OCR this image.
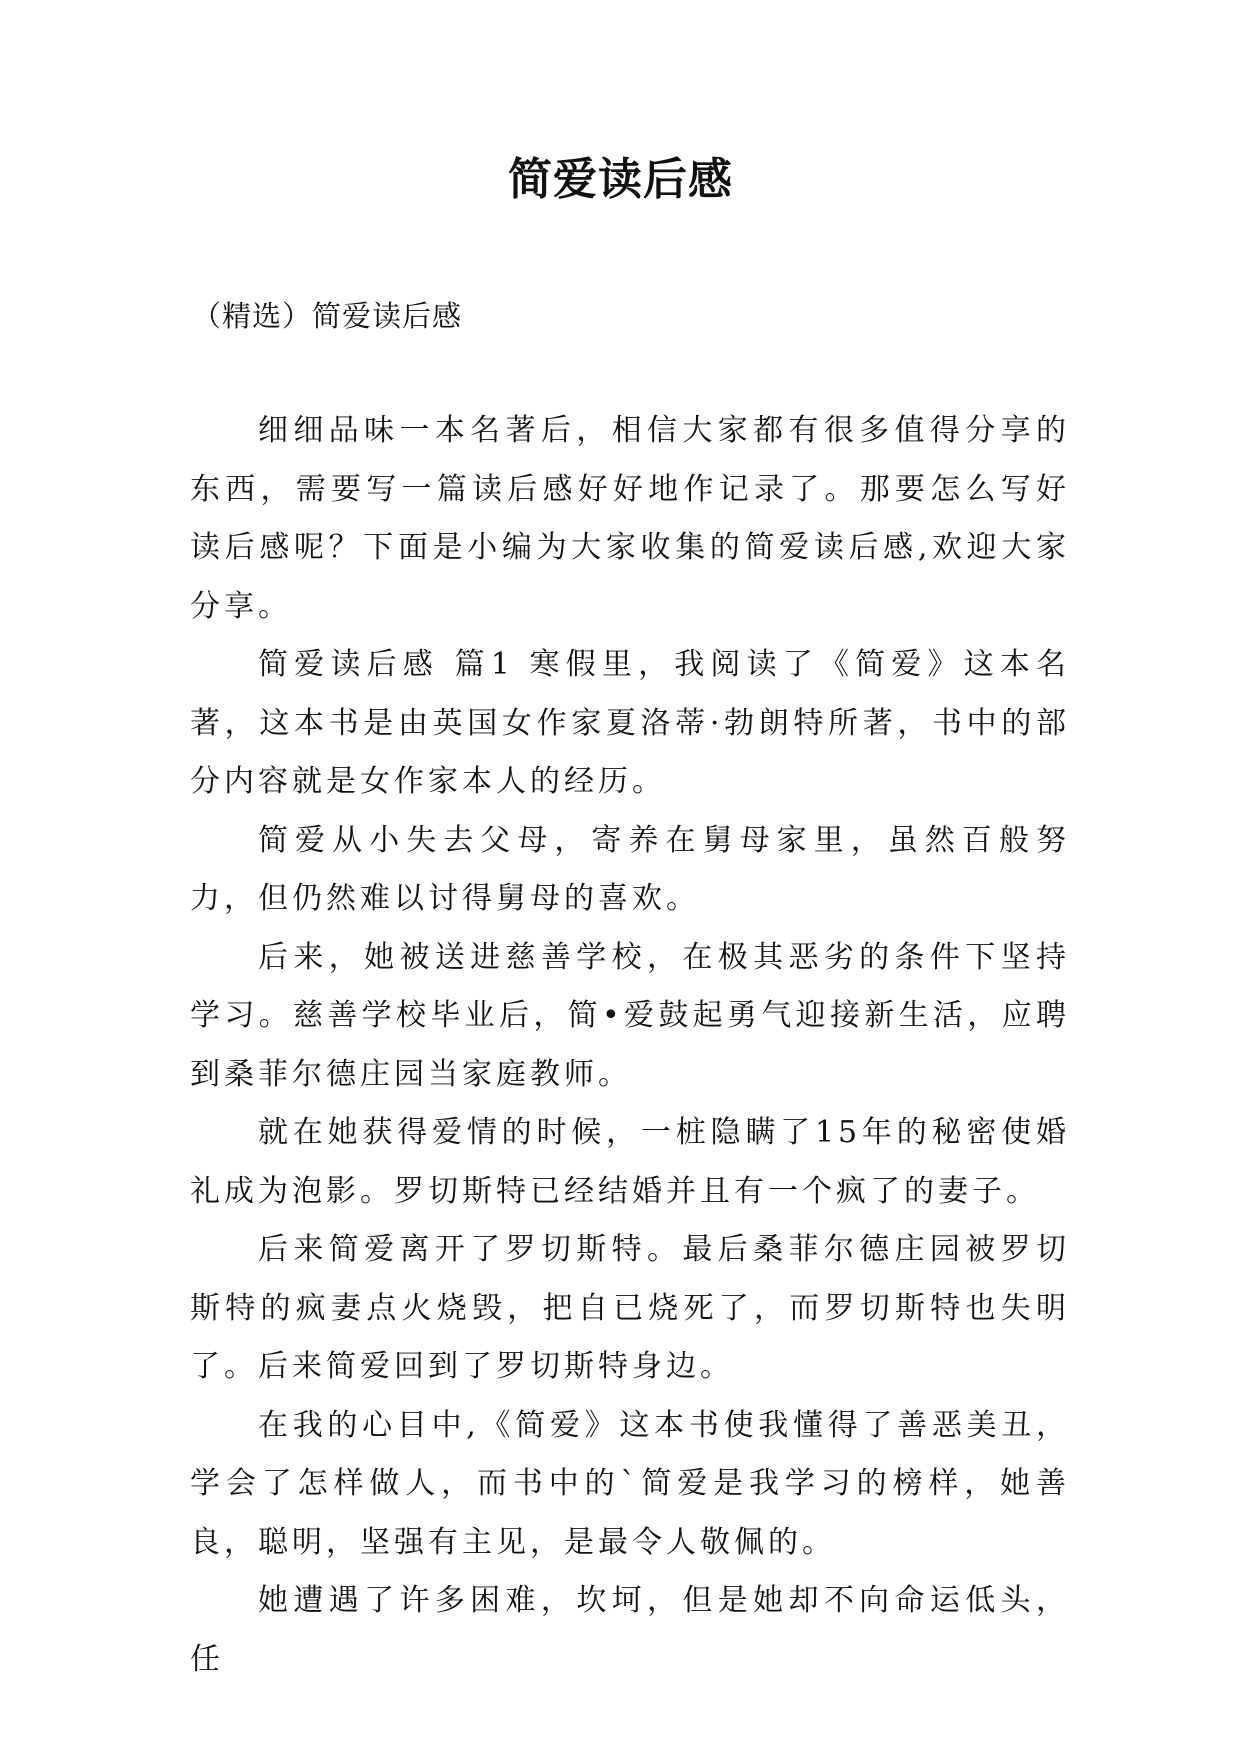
简爱读后感
（精选）简爱读后感

细细品味一本名著后，相信大家都有很多值得分享的东西，需要写一篇读后感好好地作记录了。那要怎么写好读后感呢？下面是小编为大家收集的简爱读后感,欢迎大家分享。

简爱读后感 篇1 寒假里，我阅读了《简爱》这本名著，这本书是由英国女作家夏洛蒂·勃朗特所著，书中的部分内容就是女作家本人的经历。

简爱从小失去父母，寄养在舅母家里，虽然百般努力，但仍然难以讨得舅母的喜欢。

后来，她被送进慈善学校，在极其恶劣的条件下坚持学习。慈善学校毕业后，简•爱鼓起勇气迎接新生活，应聘到桑菲尔德庄园当家庭教师。

就在她获得爱情的时候，一桩隐瞒了15年的秘密使婚礼成为泡影。罗切斯特已经结婚并且有一个疯了的妻子。

后来简爱离开了罗切斯特。最后桑菲尔德庄园被罗切斯特的疯妻点火烧毁，把自已烧死了，而罗切斯特也失明了。后来简爱回到了罗切斯特身边。

在我的心目中,《简爱》这本书使我懂得了善恶美丑，学会了怎样做人，而书中的`简爱是我学习的榜样，她善良，聪明，坚强有主见，是最令人敬佩的。

她遭遇了许多困难，坎坷，但是她却不向命运低头，任
